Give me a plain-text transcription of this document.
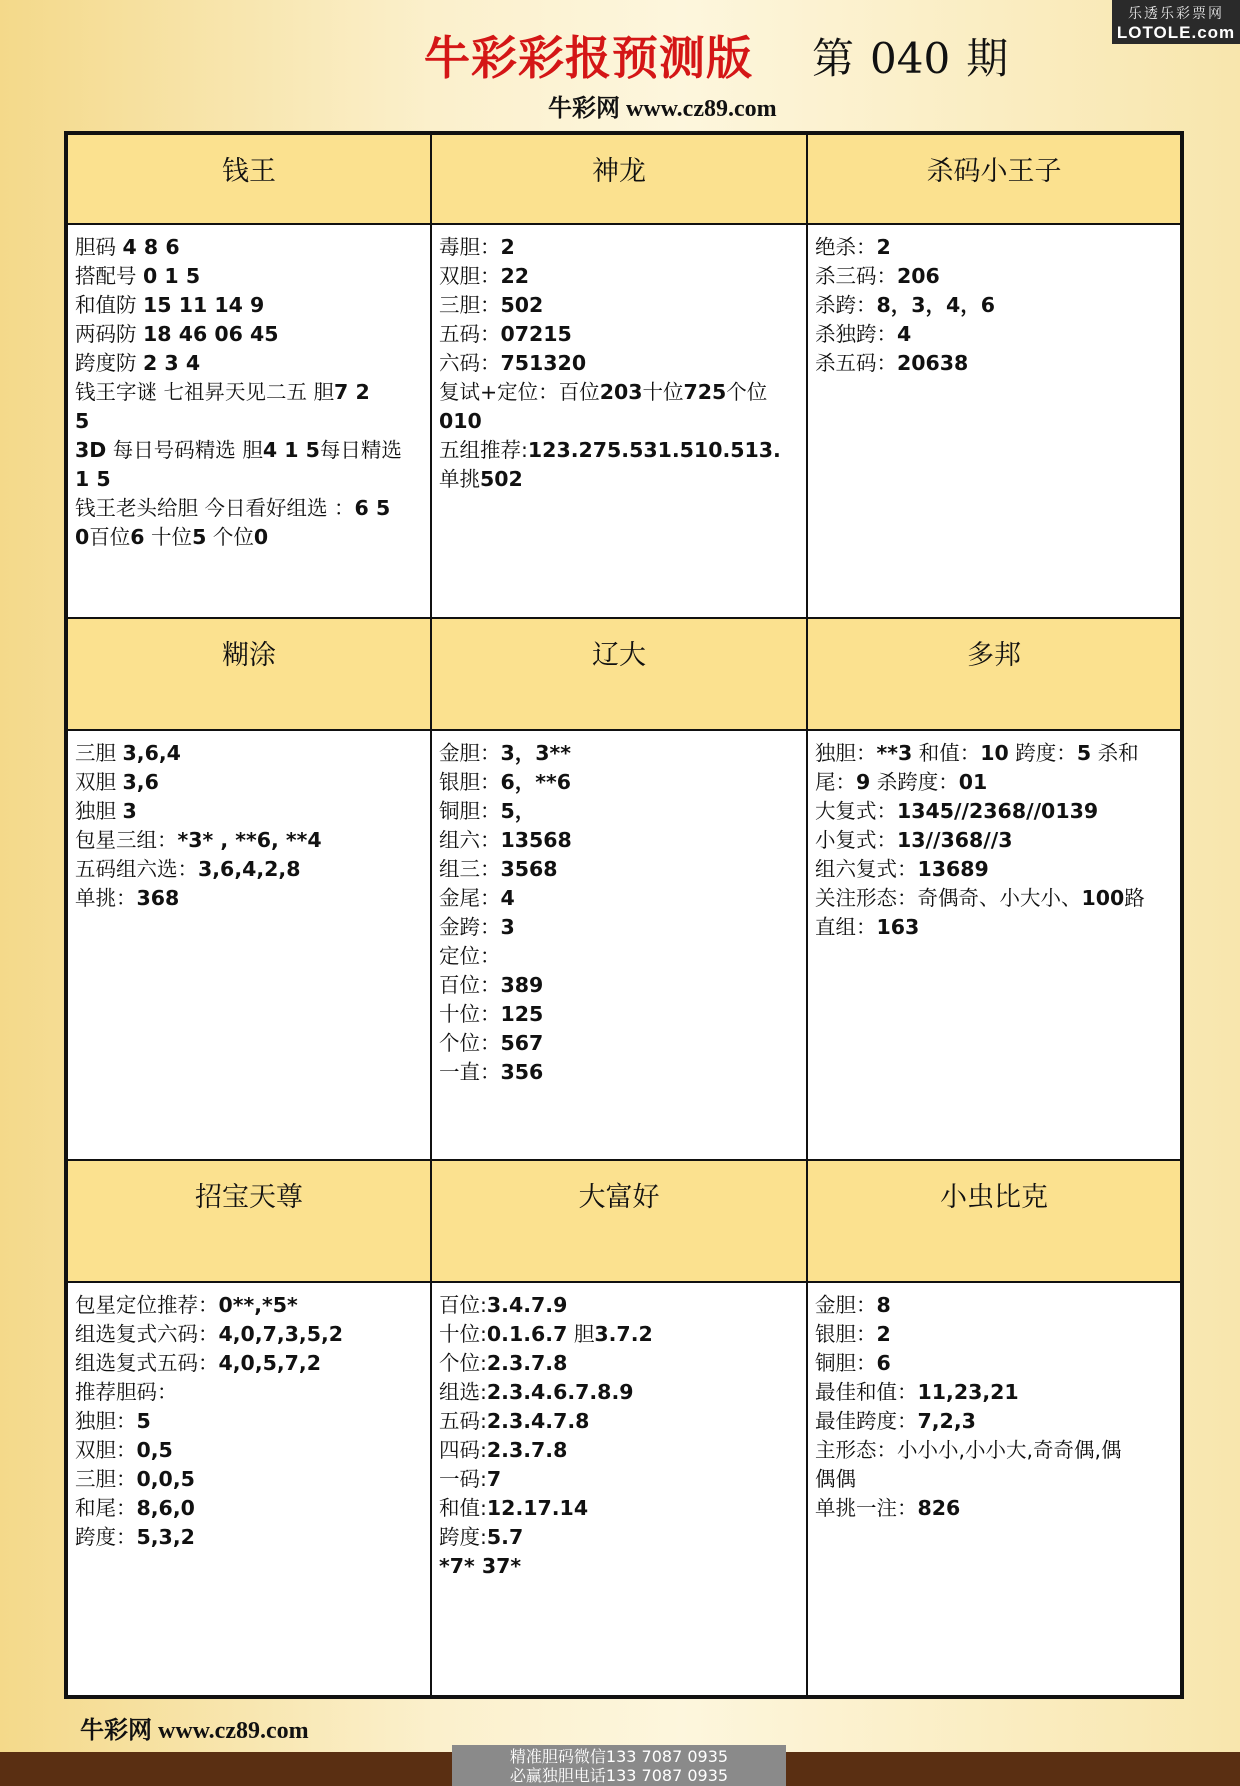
乐透乐彩票网
LOTOLE.com
牛彩彩报预测版 第 040 期
牛彩网 www.cz89.com
钱王
胆码 4 8 6
搭配号 0 1 5
和值防 15 11 14 9
两码防 18 46 06 45
跨度防 2 3 4
钱王字谜 七祖昇天见二五 胆7 2
5
3D 每日号码精选 胆4 1 5每日精选
1 5
钱王老头给胆 今日看好组选 ：6 5
0百位6 十位5 个位0
神龙
毒胆：2
双胆：22
三胆：502
五码：07215
六码：751320
复试+定位：百位203十位725个位
010
五组推荐:123.275.531.510.513.
单挑502
杀码小王子
绝杀：2
杀三码：206
杀跨：8，3，4，6
杀独跨：4
杀五码：20638
糊涂
三胆 3,6,4
双胆 3,6
独胆 3
包星三组：*3* , **6, **4
五码组六选：3,6,4,2,8
单挑：368
辽大
金胆：3，3**
银胆：6，**6
铜胆：5，
组六：13568
组三：3568
金尾：4
金跨：3
定位：
百位：389
十位：125
个位：567
一直：356
多邦
独胆：**3 和值：10 跨度：5 杀和
尾：9 杀跨度：01
大复式：1345//2368//0139
小复式：13//368//3
组六复式：13689
关注形态：奇偶奇、小大小、100路
直组：163
招宝天尊
包星定位推荐：0**,*5*
组选复式六码：4,0,7,3,5,2
组选复式五码：4,0,5,7,2
推荐胆码：
独胆：5
双胆：0,5
三胆：0,0,5
和尾：8,6,0
跨度：5,3,2
大富好
百位:3.4.7.9
十位:0.1.6.7 胆3.7.2
个位:2.3.7.8
组选:2.3.4.6.7.8.9
五码:2.3.4.7.8
四码:2.3.7.8
一码:7
和值:12.17.14
跨度:5.7
*7* 37*
小虫比克
金胆：8
银胆：2
铜胆：6
最佳和值：11,23,21
最佳跨度：7,2,3
主形态：小小小,小小大,奇奇偶,偶
偶偶
单挑一注：826
牛彩网 www.cz89.com
精准胆码微信133 7087 0935
必赢独胆电话133 7087 0935
